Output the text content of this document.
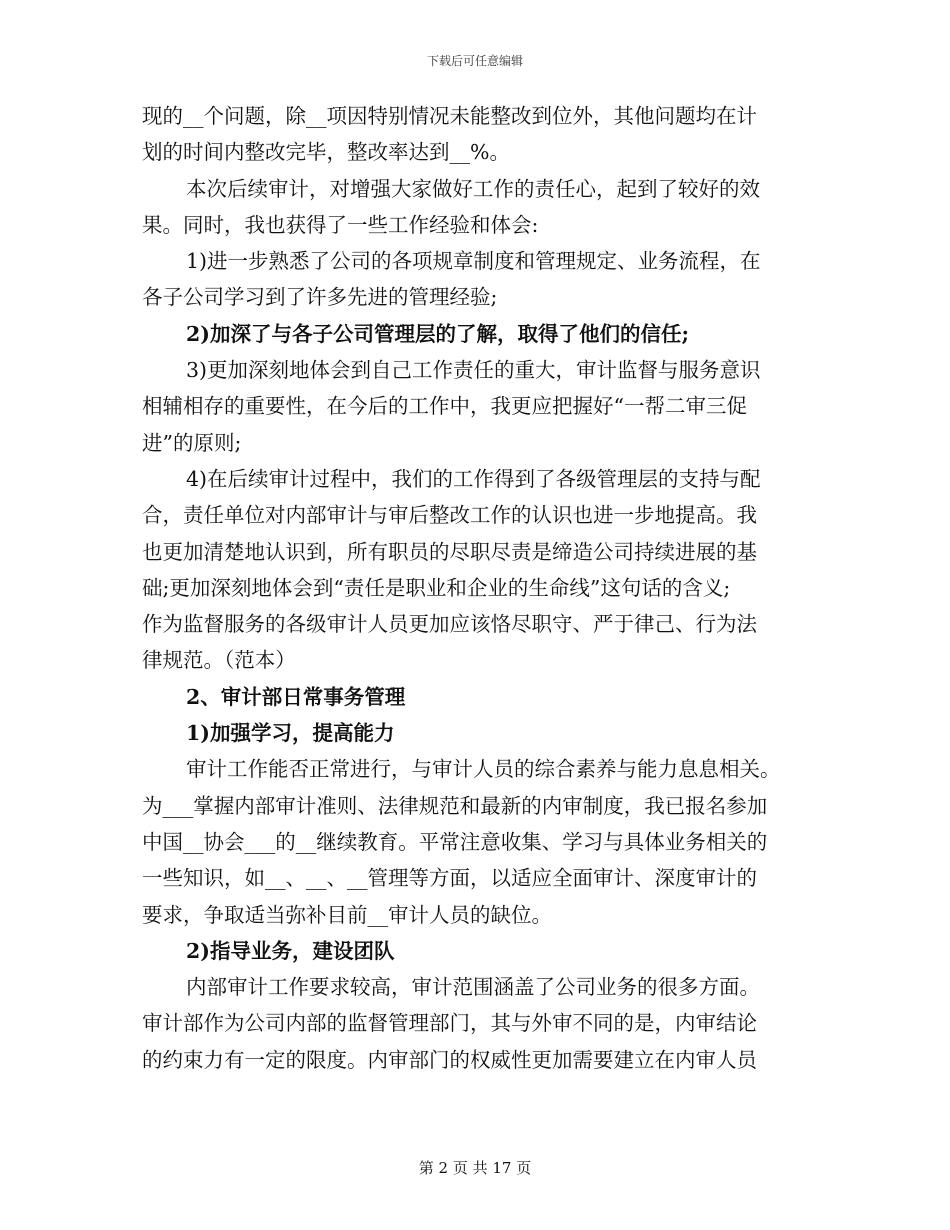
下载后可任意编辑
现的__个问题，除__项因特别情况未能整改到位外，其他问题均在计
划的时间内整改完毕，整改率达到__%。
本次后续审计，对增强大家做好工作的责任心，起到了较好的效
果。同时，我也获得了一些工作经验和体会:
1)进一步熟悉了公司的各项规章制度和管理规定、业务流程，在
各子公司学习到了许多先进的管理经验;
2)加深了与各子公司管理层的了解，取得了他们的信任;
3)更加深刻地体会到自己工作责任的重大，审计监督与服务意识
相辅相存的重要性，在今后的工作中，我更应把握好“一帮二审三促
进”的原则;
4)在后续审计过程中，我们的工作得到了各级管理层的支持与配
合，责任单位对内部审计与审后整改工作的认识也进一步地提高。我
也更加清楚地认识到，所有职员的尽职尽责是缔造公司持续进展的基
础;更加深刻地体会到“责任是职业和企业的生命线”这句话的含义;
作为监督服务的各级审计人员更加应该恪尽职守、严于律己、行为法
律规范。（范本）
2、审计部日常事务管理
1)加强学习，提高能力
审计工作能否正常进行，与审计人员的综合素养与能力息息相关。
为___掌握内部审计准则、法律规范和最新的内审制度，我已报名参加
中国__协会___的__继续教育。平常注意收集、学习与具体业务相关的
一些知识，如__、__、__管理等方面，以适应全面审计、深度审计的
要求，争取适当弥补目前__审计人员的缺位。
2)指导业务，建设团队
内部审计工作要求较高，审计范围涵盖了公司业务的很多方面。
审计部作为公司内部的监督管理部门，其与外审不同的是，内审结论
的约束力有一定的限度。内审部门的权威性更加需要建立在内审人员
第 2 页 共 17 页
